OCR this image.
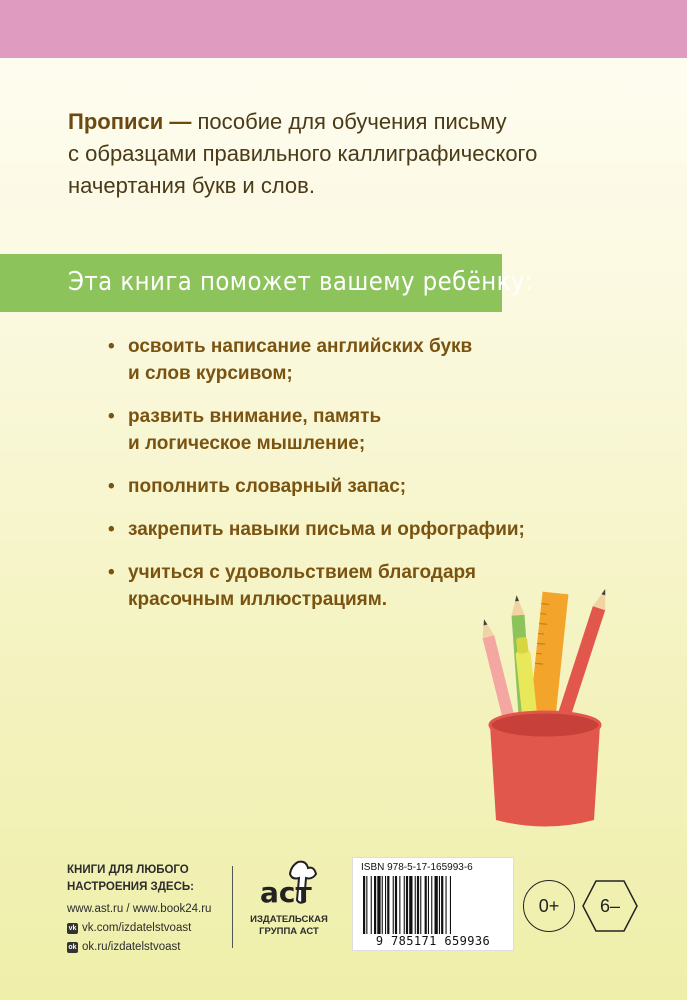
Прописи — пособие для обучения письму
с образцами правильного каллиграфического
начертания букв и слов.
Эта книга поможет вашему ребёнку:
• освоить написание английских букв
и слов курсивом;
• развить внимание, память
и логическое мышление;
• пополнить словарный запас;
• закрепить навыки письма и орфографии;
• учиться с удовольствием благодаря
красочным иллюстрациям.
КНИГИ ДЛЯ ЛЮБОГО
НАСТРОЕНИЯ ЗДЕСЬ:
www.ast.ru / www.book24.ru
vk vk.com/izdatelstvoast
ok ok.ru/izdatelstvoast
аст
ИЗДАТЕЛЬСКАЯ
ГРУППА АСТ
ISBN 978-5-17-165993-6
9 785171 659936
0+ 6–
